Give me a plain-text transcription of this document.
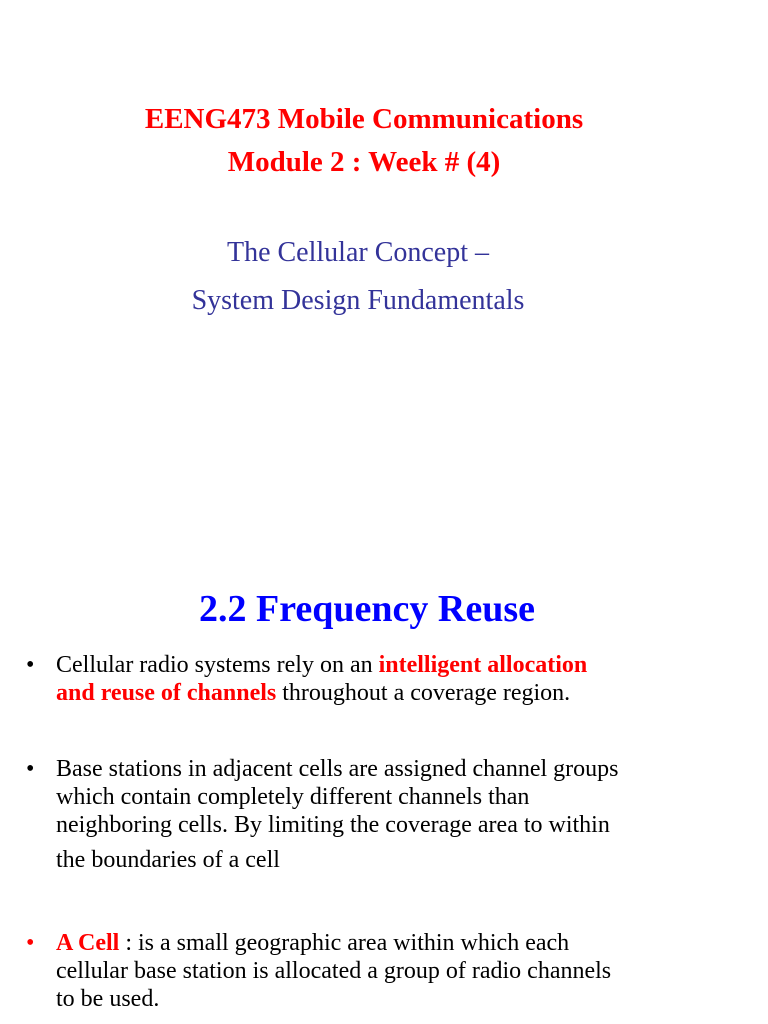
EENG473 Mobile Communications
Module 2 : Week # (4)
The Cellular Concept –
System Design Fundamentals
2.2 Frequency Reuse
• Cellular radio systems rely on an intelligent allocation
and reuse of channels throughout a coverage region.
• Base stations in adjacent cells are assigned channel groups
which contain completely different channels than
neighboring cells. By limiting the coverage area to within
the boundaries of a cell
• A Cell : is a small geographic area within which each
cellular base station is allocated a group of radio channels
to be used.
